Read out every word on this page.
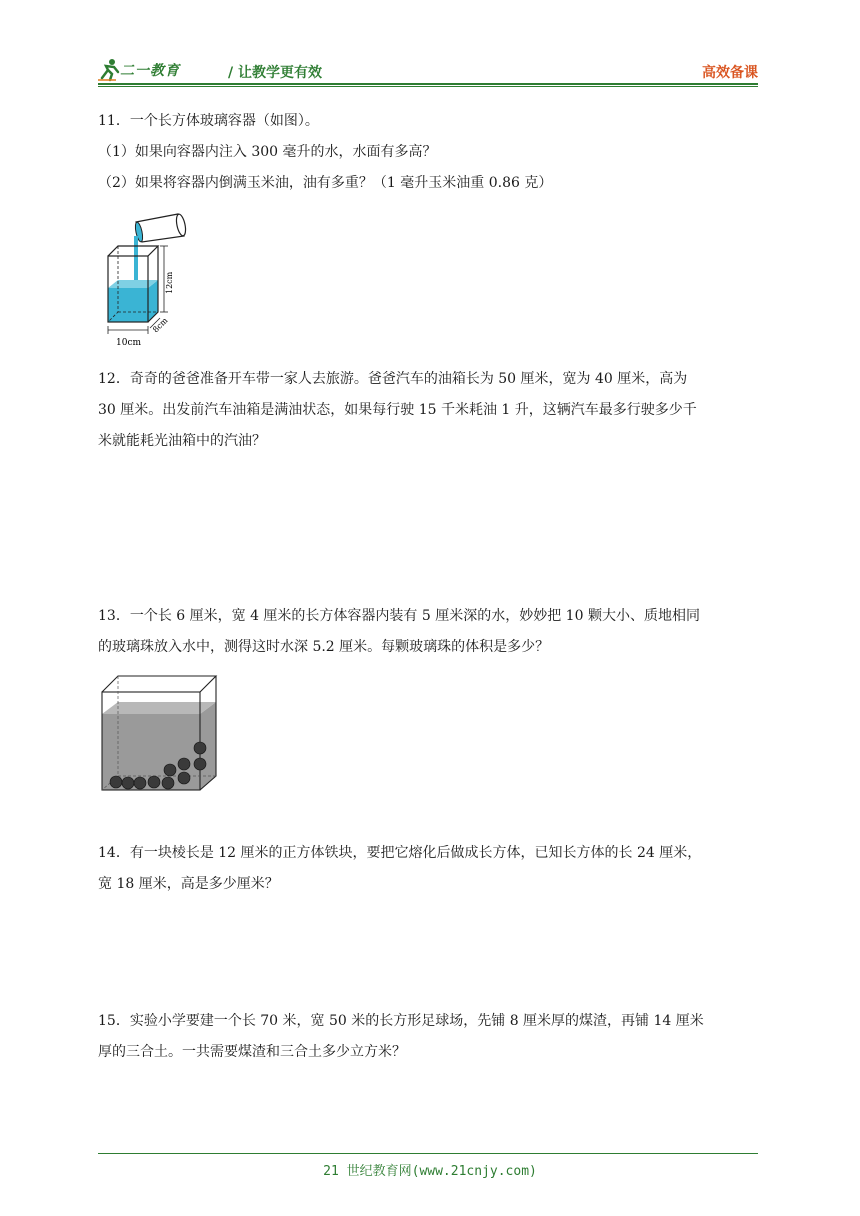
二一教育	/ 让教学更有效	高效备课
11．一个长方体玻璃容器（如图）。
（1）如果向容器内注入 300 毫升的水，水面有多高？
（2）如果将容器内倒满玉米油，油有多重？（1 毫升玉米油重 0.86 克）
10cm
12cm
8cm
12．奇奇的爸爸准备开车带一家人去旅游。爸爸汽车的油箱长为 50 厘米，宽为 40 厘米，高为
30 厘米。出发前汽车油箱是满油状态，如果每行驶 15 千米耗油 1 升，这辆汽车最多行驶多少千
米就能耗光油箱中的汽油？
13．一个长 6 厘米，宽 4 厘米的长方体容器内装有 5 厘米深的水，妙妙把 10 颗大小、质地相同
的玻璃珠放入水中，测得这时水深 5.2 厘米。每颗玻璃珠的体积是多少？
14．有一块棱长是 12 厘米的正方体铁块，要把它熔化后做成长方体，已知长方体的长 24 厘米，
宽 18 厘米，高是多少厘米？
15．实验小学要建一个长 70 米，宽 50 米的长方形足球场，先铺 8 厘米厚的煤渣，再铺 14 厘米
厚的三合土。一共需要煤渣和三合土多少立方米？
21 世纪教育网(www.21cnjy.com)
